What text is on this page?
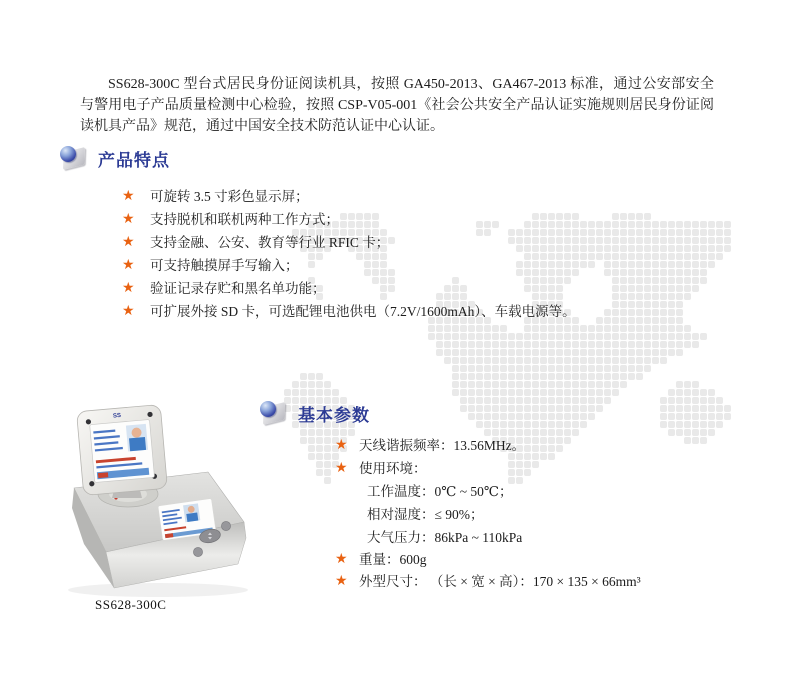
SS628-300C 型台式居民身份证阅读机具，按照 GA450-2013、GA467-2013 标准，通过公安部安全与警用电子产品质量检测中心检验，按照 CSP-V05-001《社会公共安全产品认证实施规则居民身份证阅读机具产品》规范，通过中国安全技术防范认证中心认证。

产品特点
★	可旋转 3.5 寸彩色显示屏；
★	支持脱机和联机两种工作方式；
★	支持金融、公安、教育等行业 RFIC 卡；
★	可支持触摸屏手写输入；
★	验证记录存贮和黑名单功能；
★	可扩展外接 SD 卡，可选配锂电池供电（7.2V/1600mAh）、车载电源等。
基本参数
★ 天线谐振频率：13.56MHz。
★ 使用环境：
工作温度：0℃ ~ 50℃；
相对湿度：≤ 90%；
大气压力：86kPa ~ 110kPa
★ 重量：600g
★ 外型尺寸： （长 × 宽 × 高）：170 × 135 × 66mm³
SS
SS628-300C
